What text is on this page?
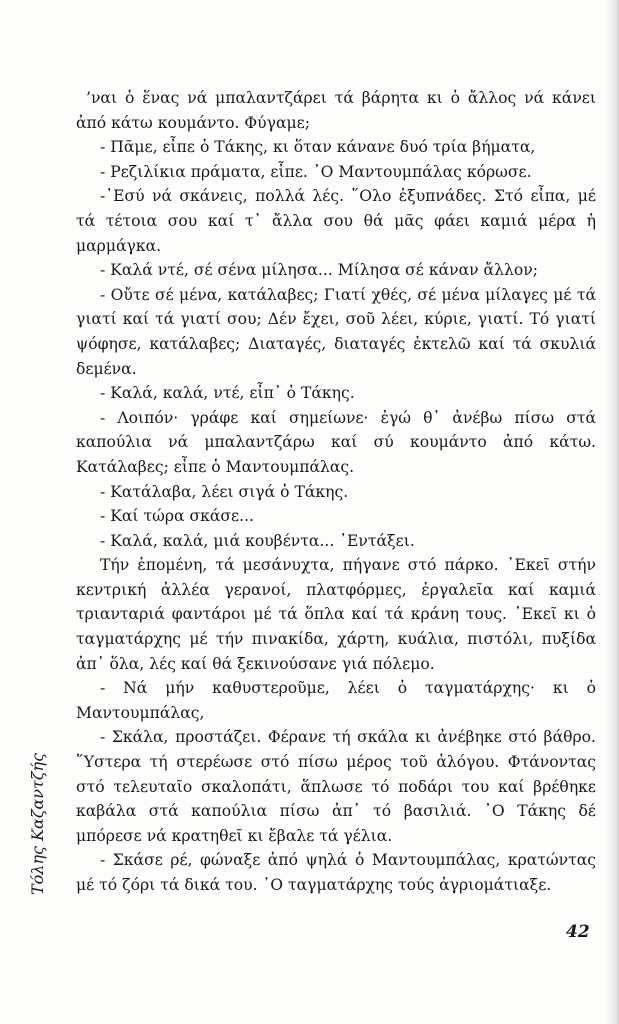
’ναι ὁ ἕνας νά μπαλαντζάρει τά βάρητα κι ὁ ἄλλος νά κάνει ἀπό κάτω κουμάντο. Φύγαμε;

- Πᾶμε, εἶπε ὁ Τάκης, κι ὅταν κάνανε δυό τρία βήματα,

- Ρεζιλίκια πράματα, εἶπε. ᾿Ο Μαντουμπάλας κόρωσε.

-᾿Εσύ νά σκάνεις, πολλά λές. ῞Ολο ἐξυπνάδες. Στό εἶπα, μέ τά τέτοια σου καί τ᾿ ἄλλα σου θά μᾶς φάει καμιά μέρα ἡ μαρμάγκα.

- Καλά ντέ, σέ σένα μίλησα... Μίλησα σέ κάναν ἄλλον;

- Οὔτε σέ μένα, κατάλαβες; Γιατί χθές, σέ μένα μίλαγες μέ τά γιατί καί τά γιατί σου; Δέν ἔχει, σοῦ λέει, κύριε, γιατί. Τό γιατί ψόφησε, κατάλαβες; Διαταγές, διαταγές ἐκτελῶ καί τά σκυλιά δεμένα.

- Καλά, καλά, ντέ, εἶπ᾿ ὁ Τάκης.

- Λοιπόν· γράφε καί σημείωνε· ἐγώ θ᾿ ἀνέβω πίσω στά καπούλια νά μπαλαντζάρω καί σύ κουμάντο ἀπό κάτω. Κατάλαβες; εἶπε ὁ Μαντουμπάλας.

- Κατάλαβα, λέει σιγά ὁ Τάκης.

- Καί τώρα σκάσε...

- Καλά, καλά, μιά κουβέντα... ᾿Εντάξει.

Τήν ἑπομένη, τά μεσάνυχτα, πήγανε στό πάρκο. ᾿Εκεῖ στήν κεντρική ἀλλέα γερανοί, πλατφόρμες, ἐργαλεῖα καί καμιά τριανταριά φαντάροι μέ τά ὅπλα καί τά κράνη τους. ᾿Εκεῖ κι ὁ ταγματάρχης μέ τήν πινακίδα, χάρτη, κυάλια, πιστόλι, πυξίδα ἀπ᾿ ὅλα, λές καί θά ξεκινούσανε γιά πόλεμο.

- Νά μήν καθυστεροῦμε, λέει ὁ ταγματάρχης· κι ὁ Μαντουμπάλας,

- Σκάλα, προστάζει. Φέρανε τή σκάλα κι ἀνέβηκε στό βάθρο. ῞Υστερα τή στερέωσε στό πίσω μέρος τοῦ ἀλόγου. Φτάνοντας στό τελευταῖο σκαλοπάτι, ἅπλωσε τό ποδάρι του καί βρέθηκε καβάλα στά καπούλια πίσω ἀπ᾿ τό βασιλιά. ᾿Ο Τάκης δέ μπόρεσε νά κρατηθεῖ κι ἔβαλε τά γέλια.

- Σκάσε ρέ, φώναξε ἀπό ψηλά ὁ Μαντουμπάλας, κρατώντας μέ τό ζόρι τά δικά του. ᾿Ο ταγματάρχης τούς ἀγριομάτιαξε.

Τόλης Καζαντζής
42
